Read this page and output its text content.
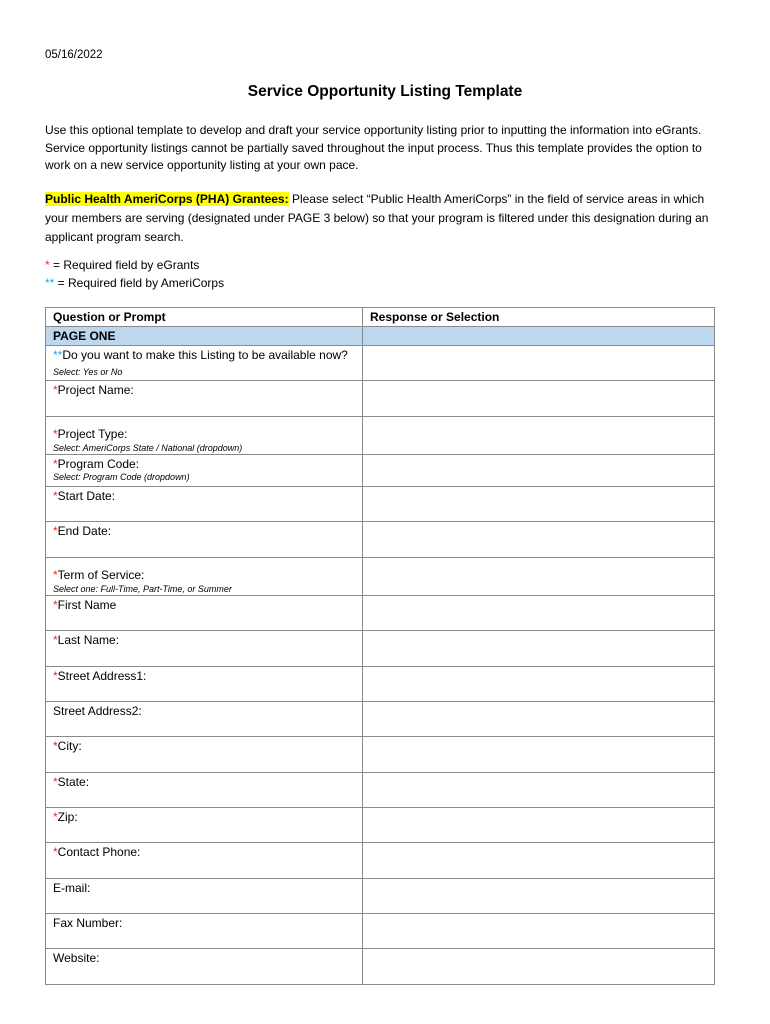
05/16/2022
Service Opportunity Listing Template
Use this optional template to develop and draft your service opportunity listing prior to inputting the information into eGrants. Service opportunity listings cannot be partially saved throughout the input process. Thus this template provides the option to work on a new service opportunity listing at your own pace.
Public Health AmeriCorps (PHA) Grantees: Please select “Public Health AmeriCorps” in the field of service areas in which your members are serving (designated under PAGE 3 below) so that your program is filtered under this designation during an applicant program search.
* = Required field by eGrants
** = Required field by AmeriCorps
Question or Prompt	Response or Selection
PAGE ONE	

**Do you want to make this Listing to be available now? Select: Yes or No	

*Project Name:	

*Project Type:
Select: AmeriCorps State / National (dropdown)	

*Program Code:
Select: Program Code (dropdown)	

*Start Date:	

*End Date:	

*Term of Service:
Select one: Full-Time, Part-Time, or Summer	

*First Name	

*Last Name:	

*Street Address1:	

Street Address2:	

*City:	

*State:	

*Zip:	

*Contact Phone:	

E-mail:	

Fax Number:	

Website:	
